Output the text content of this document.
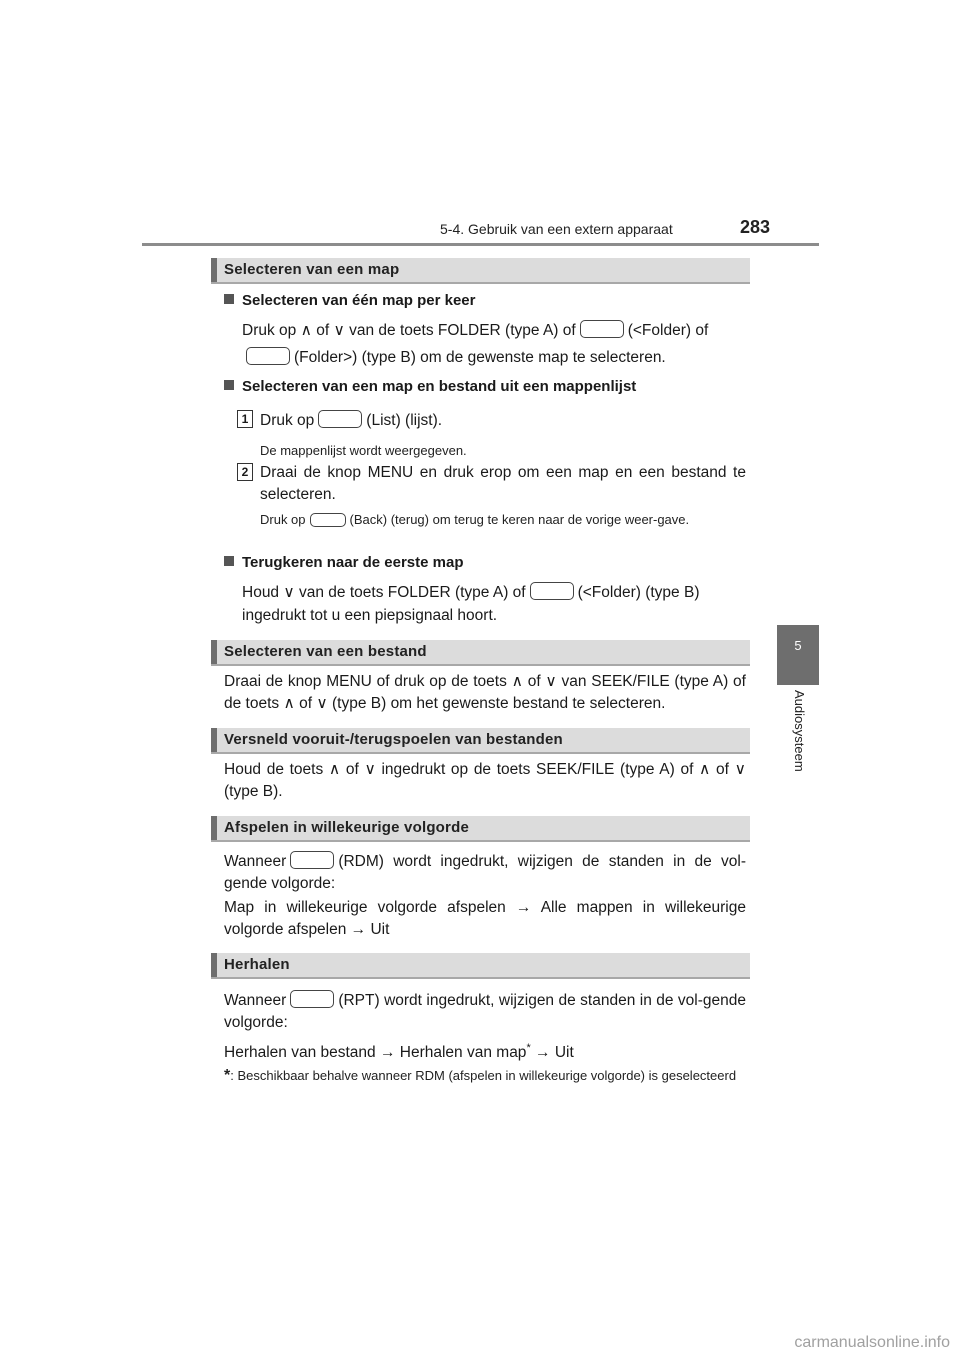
5-4. Gebruik van een extern apparaat	283
5
Audiosysteem
Selecteren van een map
Selecteren van één map per keer
Druk op ∧ of ∨ van de toets FOLDER (type A) of	(<Folder) of
(Folder>) (type B) om de gewenste map te selecteren.
Selecteren van een map en bestand uit een mappenlijst
1 Druk op	(List) (lijst).
De mappenlijst wordt weergegeven.
2 Draai de knop MENU en druk erop om een map en een bestand te selecteren.
Druk op	(Back) (terug) om terug te keren naar de vorige weer-gave.
Terugkeren naar de eerste map
Houd ∨ van de toets FOLDER (type A) of	(<Folder) (type B)
ingedrukt tot u een piepsignaal hoort.
Selecteren van een bestand
Draai de knop MENU of druk op de toets ∧ of ∨ van SEEK/FILE (type A) of de toets ∧ of ∨ (type B) om het gewenste bestand te selecteren.
Versneld vooruit-/terugspoelen van bestanden
Houd de toets ∧ of ∨ ingedrukt op de toets SEEK/FILE (type A) of ∧ of ∨ (type B).
Afspelen in willekeurige volgorde
Wanneer	(RDM) wordt ingedrukt, wijzigen de standen in de vol-gende volgorde:
Map in willekeurige volgorde afspelen → Alle mappen in willekeurige volgorde afspelen → Uit
Herhalen
Wanneer	(RPT) wordt ingedrukt, wijzigen de standen in de vol-gende volgorde:
Herhalen van bestand → Herhalen van map* → Uit
*: Beschikbaar behalve wanneer RDM (afspelen in willekeurige volgorde) is geselecteerd
carmanualsonline.info
